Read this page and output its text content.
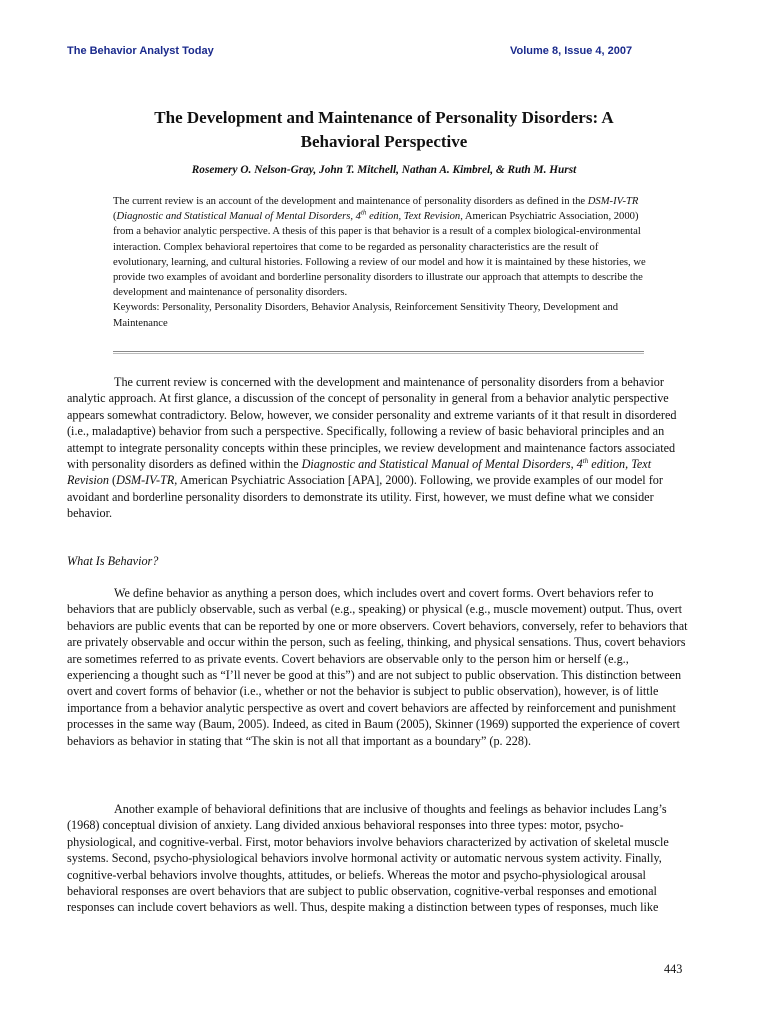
The Behavior Analyst Today	Volume 8, Issue 4, 2007
The Development and Maintenance of Personality Disorders: A
Behavioral Perspective
Rosemery O. Nelson-Gray, John T. Mitchell, Nathan A. Kimbrel, & Ruth M. Hurst

The current review is an account of the development and maintenance of personality disorders as defined in the DSM-IV-TR (Diagnostic and Statistical Manual of Mental Disorders, 4th edition, Text Revision, American Psychiatric Association, 2000) from a behavior analytic perspective. A thesis of this paper is that behavior is a result of a complex biological-environmental interaction. Complex behavioral repertoires that come to be regarded as personality characteristics are the result of evolutionary, learning, and cultural histories. Following a review of our model and how it is maintained by these histories, we provide two examples of avoidant and borderline personality disorders to illustrate our approach that attempts to describe the development and maintenance of personality disorders.

Keywords: Personality, Personality Disorders, Behavior Analysis, Reinforcement Sensitivity Theory, Development and Maintenance

The current review is concerned with the development and maintenance of personality disorders from a behavior analytic approach. At first glance, a discussion of the concept of personality in general from a behavior analytic perspective appears somewhat contradictory. Below, however, we consider personality and extreme variants of it that result in disordered (i.e., maladaptive) behavior from such a perspective. Specifically, following a review of basic behavioral principles and an attempt to integrate personality concepts within these principles, we review development and maintenance factors associated with personality disorders as defined within the Diagnostic and Statistical Manual of Mental Disorders, 4th edition, Text Revision (DSM-IV-TR, American Psychiatric Association [APA], 2000). Following, we provide examples of our model for avoidant and borderline personality disorders to demonstrate its utility. First, however, we must define what we consider behavior.

What Is Behavior?

We define behavior as anything a person does, which includes overt and covert forms. Overt behaviors refer to behaviors that are publicly observable, such as verbal (e.g., speaking) or physical (e.g., muscle movement) output. Thus, overt behaviors are public events that can be reported by one or more observers. Covert behaviors, conversely, refer to behaviors that are privately observable and occur within the person, such as feeling, thinking, and physical sensations. Thus, covert behaviors are sometimes referred to as private events. Covert behaviors are observable only to the person him or herself (e.g., experiencing a thought such as “I’ll never be good at this”) and are not subject to public observation. This distinction between overt and covert forms of behavior (i.e., whether or not the behavior is subject to public observation), however, is of little importance from a behavior analytic perspective as overt and covert behaviors are affected by reinforcement and punishment processes in the same way (Baum, 2005). Indeed, as cited in Baum (2005), Skinner (1969) supported the experience of covert behaviors as behavior in stating that “The skin is not all that important as a boundary” (p. 228).

Another example of behavioral definitions that are inclusive of thoughts and feelings as behavior includes Lang’s (1968) conceptual division of anxiety. Lang divided anxious behavioral responses into three types: motor, psycho-physiological, and cognitive-verbal. First, motor behaviors involve behaviors characterized by activation of skeletal muscle systems. Second, psycho-physiological behaviors involve hormonal activity or automatic nervous system activity. Finally, cognitive-verbal behaviors involve thoughts, attitudes, or beliefs. Whereas the motor and psycho-physiological arousal behavioral responses are overt behaviors that are subject to public observation, cognitive-verbal responses and emotional responses can include covert behaviors as well. Thus, despite making a distinction between types of responses, much like

443
